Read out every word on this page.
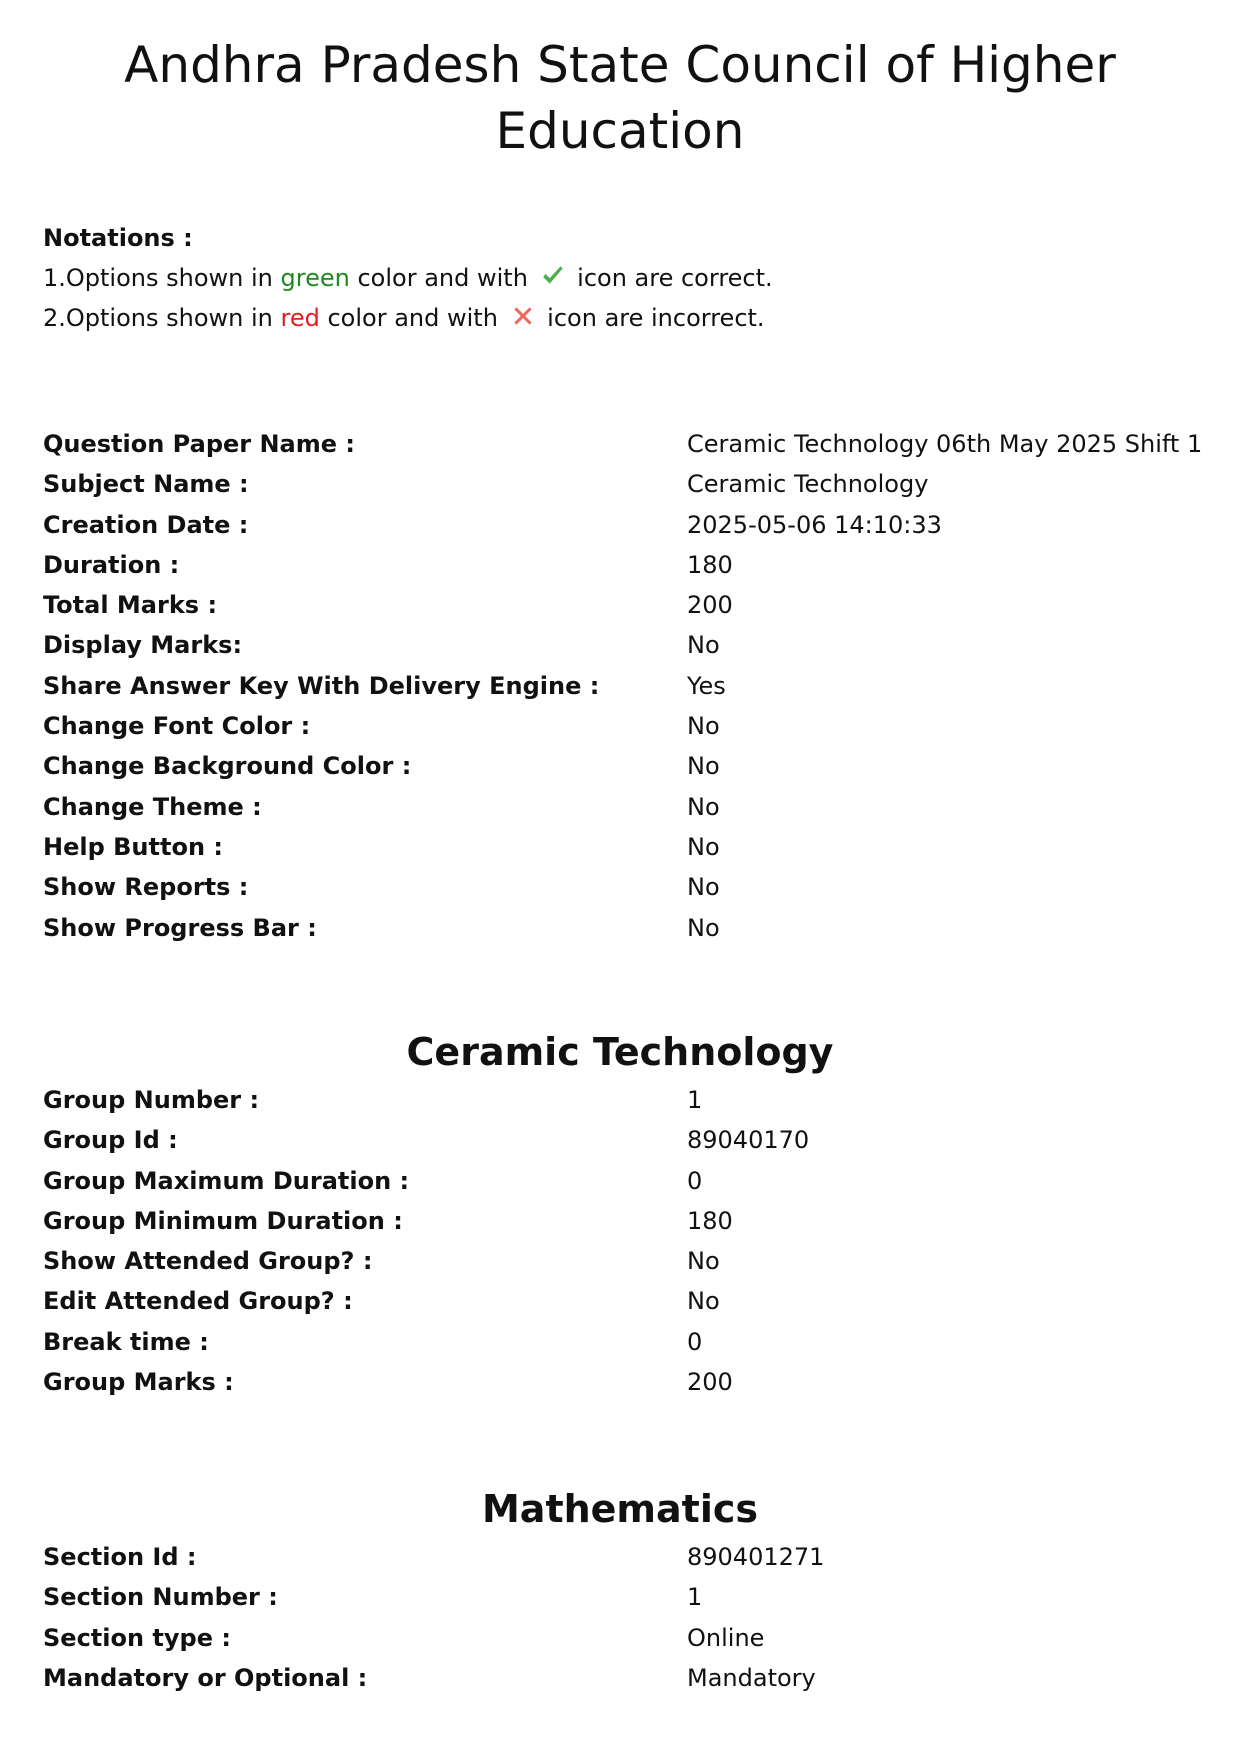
Andhra Pradesh State Council of Higher Education
Notations :
1.Options shown in green color and with  icon are correct.
2.Options shown in red color and with  icon are incorrect.
Question Paper Name :	Ceramic Technology 06th May 2025 Shift 1
Subject Name :	Ceramic Technology
Creation Date :	2025-05-06 14:10:33
Duration :	180
Total Marks :	200
Display Marks:	No
Share Answer Key With Delivery Engine :	Yes
Change Font Color :	No
Change Background Color :	No
Change Theme :	No
Help Button :	No
Show Reports :	No
Show Progress Bar :	No
Ceramic Technology
Group Number :	1
Group Id :	89040170
Group Maximum Duration :	0
Group Minimum Duration :	180
Show Attended Group? :	No
Edit Attended Group? :	No
Break time :	0
Group Marks :	200
Mathematics
Section Id :	890401271
Section Number :	1
Section type :	Online
Mandatory or Optional :	Mandatory
